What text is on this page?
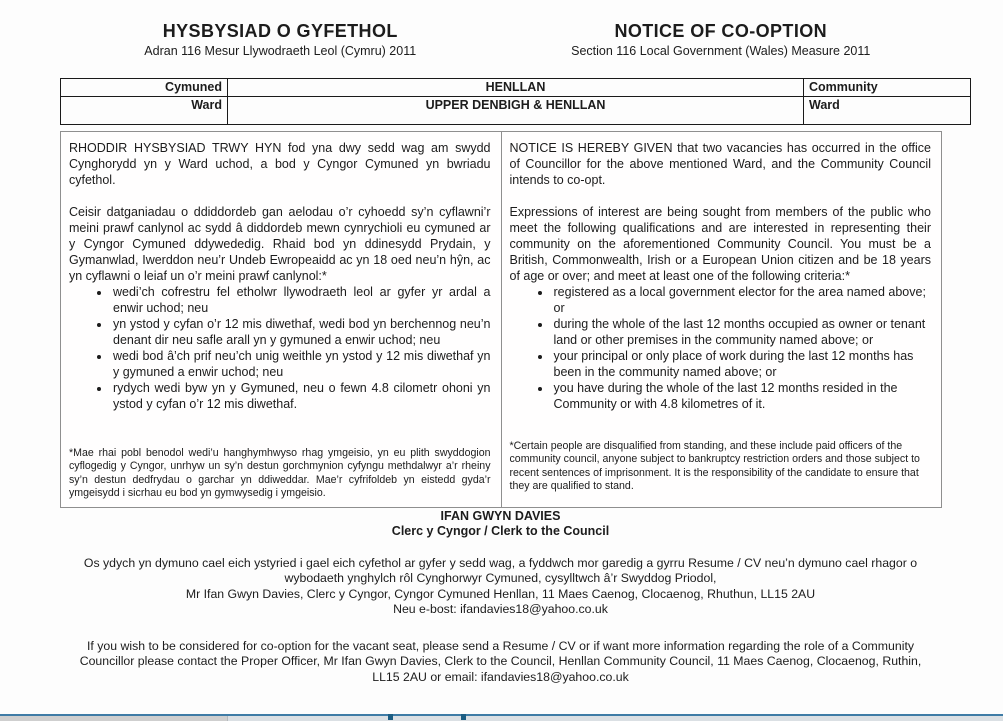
HYSBYSIAD O GYFETHOL
Adran 116 Mesur Llywodraeth Leol (Cymru) 2011
NOTICE OF CO-OPTION
Section 116 Local Government (Wales) Measure 2011
Cymuned	HENLLAN	Community
Ward	UPPER DENBIGH & HENLLAN	Ward

RHODDIR HYSBYSIAD TRWY HYN fod yna dwy sedd wag am swydd Cynghorydd yn y Ward uchod, a bod y Cyngor Cymuned yn bwriadu cyfethol.

Ceisir datganiadau o ddiddordeb gan aelodau o’r cyhoedd sy’n cyflawni’r meini prawf canlynol ac sydd â diddordeb mewn cynrychioli eu cymuned ar y Cyngor Cymuned ddywededig. Rhaid bod yn ddinesydd Prydain, y Gymanwlad, Iwerddon neu’r Undeb Ewropeaidd ac yn 18 oed neu’n hŷn, ac yn cyflawni o leiaf un o’r meini prawf canlynol:*

• wedi’ch cofrestru fel etholwr llywodraeth leol ar gyfer yr ardal a enwir uchod; neu
• yn ystod y cyfan o’r 12 mis diwethaf, wedi bod yn berchennog neu’n denant dir neu safle arall yn y gymuned a enwir uchod; neu
• wedi bod â’ch prif neu’ch unig weithle yn ystod y 12 mis diwethaf yn y gymuned a enwir uchod; neu
• rydych wedi byw yn y Gymuned, neu o fewn 4.8 cilometr ohoni yn ystod y cyfan o’r 12 mis diwethaf.
*Mae rhai pobl benodol wedi’u hanghymhwyso rhag ymgeisio, yn eu plith swyddogion cyflogedig y Cyngor, unrhyw un sy’n destun gorchmynion cyfyngu methdalwyr a’r rheiny sy’n destun dedfrydau o garchar yn ddiweddar. Mae’r cyfrifoldeb yn eistedd gyda’r ymgeisydd i sicrhau eu bod yn gymwysedig i ymgeisio.

NOTICE IS HEREBY GIVEN that two vacancies has occurred in the office of Councillor for the above mentioned Ward, and the Community Council intends to co-opt.

Expressions of interest are being sought from members of the public who meet the following qualifications and are interested in representing their community on the aforementioned Community Council. You must be a British, Commonwealth, Irish or a European Union citizen and be 18 years of age or over; and meet at least one of the following criteria:*

• registered as a local government elector for the area named above; or
• during the whole of the last 12 months occupied as owner or tenant land or other premises in the community named above; or
• your principal or only place of work during the last 12 months has been in the community named above; or
• you have during the whole of the last 12 months resided in the Community or with 4.8 kilometres of it.
*Certain people are disqualified from standing, and these include paid officers of the community council, anyone subject to bankruptcy restriction orders and those subject to recent sentences of imprisonment. It is the responsibility of the candidate to ensure that they are qualified to stand.
IFAN GWYN DAVIES
Clerc y Cyngor / Clerk to the Council
Os ydych yn dymuno cael eich ystyried i gael eich cyfethol ar gyfer y sedd wag, a fyddwch mor garedig a gyrru Resume / CV neu’n dymuno cael rhagor o
wybodaeth ynghylch rôl Cynghorwyr Cymuned, cysylltwch â’r Swyddog Priodol,
Mr Ifan Gwyn Davies, Clerc y Cyngor, Cyngor Cymuned Henllan, 11 Maes Caenog, Clocaenog, Rhuthun, LL15 2AU
Neu e-bost: ifandavies18@yahoo.co.uk
If you wish to be considered for co-option for the vacant seat, please send a Resume / CV or if want more information regarding the role of a Community
Councillor please contact the Proper Officer, Mr Ifan Gwyn Davies, Clerk to the Council, Henllan Community Council, 11 Maes Caenog, Clocaenog, Ruthin,
LL15 2AU or email: ifandavies18@yahoo.co.uk
